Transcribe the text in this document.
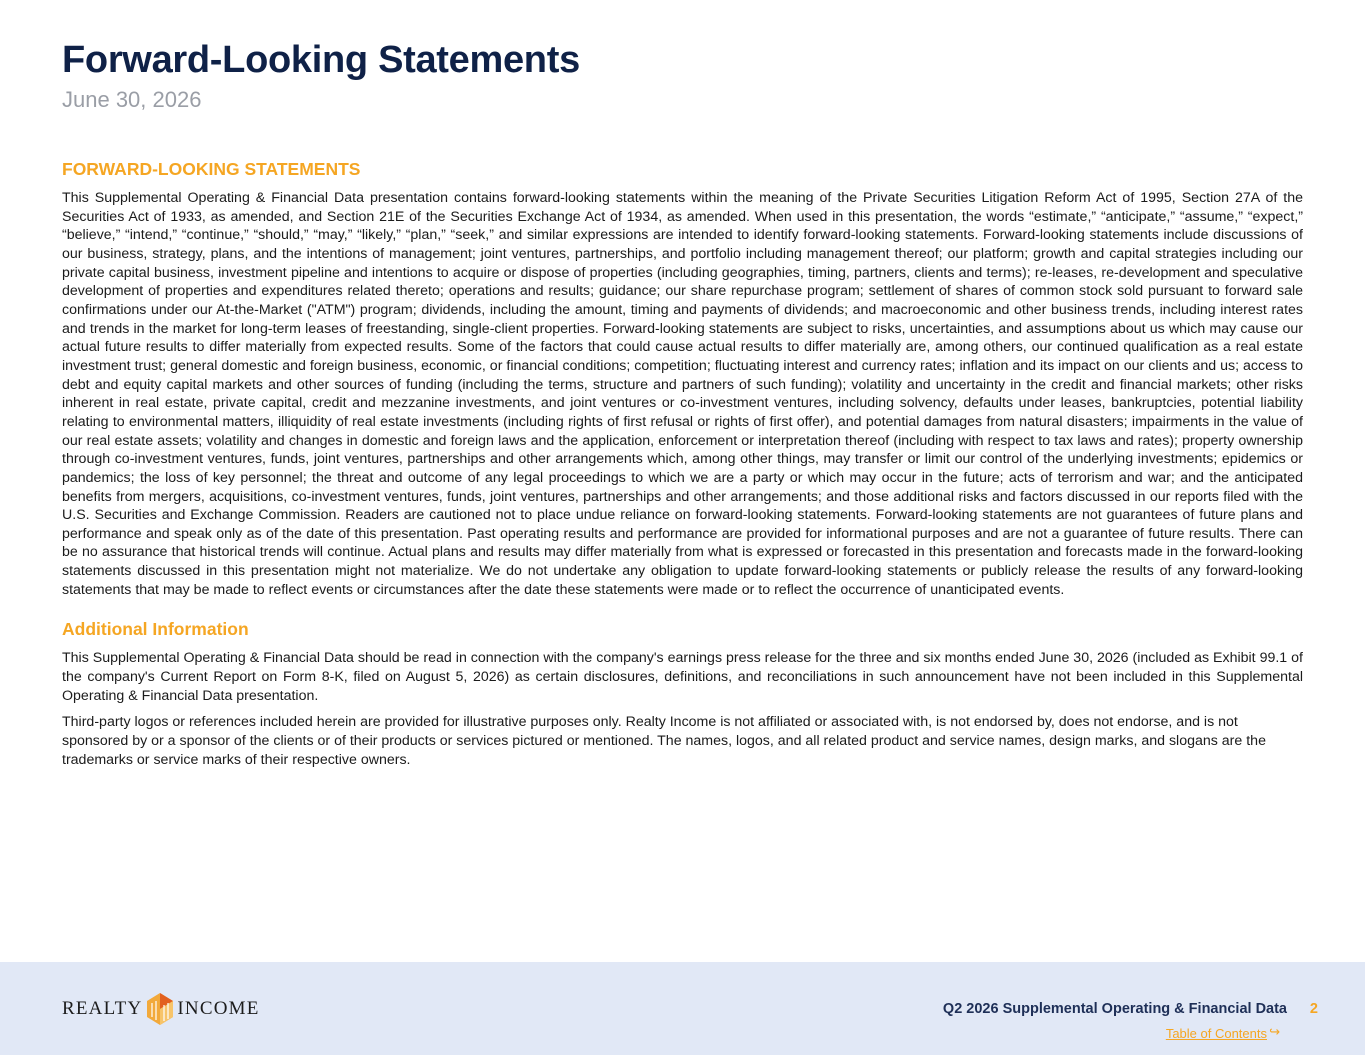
Forward-Looking Statements
June 30, 2026
FORWARD-LOOKING STATEMENTS

This Supplemental Operating & Financial Data presentation contains forward-looking statements within the meaning of the Private Securities Litigation Reform Act of 1995, Section 27A of the Securities Act of 1933, as amended, and Section 21E of the Securities Exchange Act of 1934, as amended. When used in this presentation, the words “estimate,” “anticipate,” “assume,” “expect,” “believe,” “intend,” “continue,” “should,” “may,” “likely,” “plan,” “seek,” and similar expressions are intended to identify forward-looking statements. Forward-looking statements include discussions of our business, strategy, plans, and the intentions of management; joint ventures, partnerships, and portfolio including management thereof; our platform; growth and capital strategies including our private capital business, investment pipeline and intentions to acquire or dispose of properties (including geographies, timing, partners, clients and terms); re-leases, re-development and speculative development of properties and expenditures related thereto; operations and results; guidance; our share repurchase program; settlement of shares of common stock sold pursuant to forward sale confirmations under our At-the-Market ("ATM") program; dividends, including the amount, timing and payments of dividends; and macroeconomic and other business trends, including interest rates and trends in the market for long-term leases of freestanding, single-client properties. Forward-looking statements are subject to risks, uncertainties, and assumptions about us which may cause our actual future results to differ materially from expected results. Some of the factors that could cause actual results to differ materially are, among others, our continued qualification as a real estate investment trust; general domestic and foreign business, economic, or financial conditions; competition; fluctuating interest and currency rates; inflation and its impact on our clients and us; access to debt and equity capital markets and other sources of funding (including the terms, structure and partners of such funding); volatility and uncertainty in the credit and financial markets; other risks inherent in real estate, private capital, credit and mezzanine investments, and joint ventures or co-investment ventures, including solvency, defaults under leases, bankruptcies, potential liability relating to environmental matters, illiquidity of real estate investments (including rights of first refusal or rights of first offer), and potential damages from natural disasters; impairments in the value of our real estate assets; volatility and changes in domestic and foreign laws and the application, enforcement or interpretation thereof (including with respect to tax laws and rates); property ownership through co-investment ventures, funds, joint ventures, partnerships and other arrangements which, among other things, may transfer or limit our control of the underlying investments; epidemics or pandemics; the loss of key personnel; the threat and outcome of any legal proceedings to which we are a party or which may occur in the future; acts of terrorism and war; and the anticipated benefits from mergers, acquisitions, co-investment ventures, funds, joint ventures, partnerships and other arrangements; and those additional risks and factors discussed in our reports filed with the U.S. Securities and Exchange Commission. Readers are cautioned not to place undue reliance on forward-looking statements. Forward-looking statements are not guarantees of future plans and performance and speak only as of the date of this presentation. Past operating results and performance are provided for informational purposes and are not a guarantee of future results. There can be no assurance that historical trends will continue. Actual plans and results may differ materially from what is expressed or forecasted in this presentation and forecasts made in the forward-looking statements discussed in this presentation might not materialize. We do not undertake any obligation to update forward-looking statements or publicly release the results of any forward-looking statements that may be made to reflect events or circumstances after the date these statements were made or to reflect the occurrence of unanticipated events.

Additional Information

This Supplemental Operating & Financial Data should be read in connection with the company's earnings press release for the three and six months ended June 30, 2026 (included as Exhibit 99.1 of the company's Current Report on Form 8-K, filed on August 5, 2026) as certain disclosures, definitions, and reconciliations in such announcement have not been included in this Supplemental Operating & Financial Data presentation.

Third-party logos or references included herein are provided for illustrative purposes only. Realty Income is not affiliated or associated with, is not endorsed by, does not endorse, and is not sponsored by or a sponsor of the clients or of their products or services pictured or mentioned. The names, logos, and all related product and service names, design marks, and slogans are the trademarks or service marks of their respective owners.

REALTY INCOME	Q2 2026 Supplemental Operating & Financial Data 2
Table of Contents ↪
